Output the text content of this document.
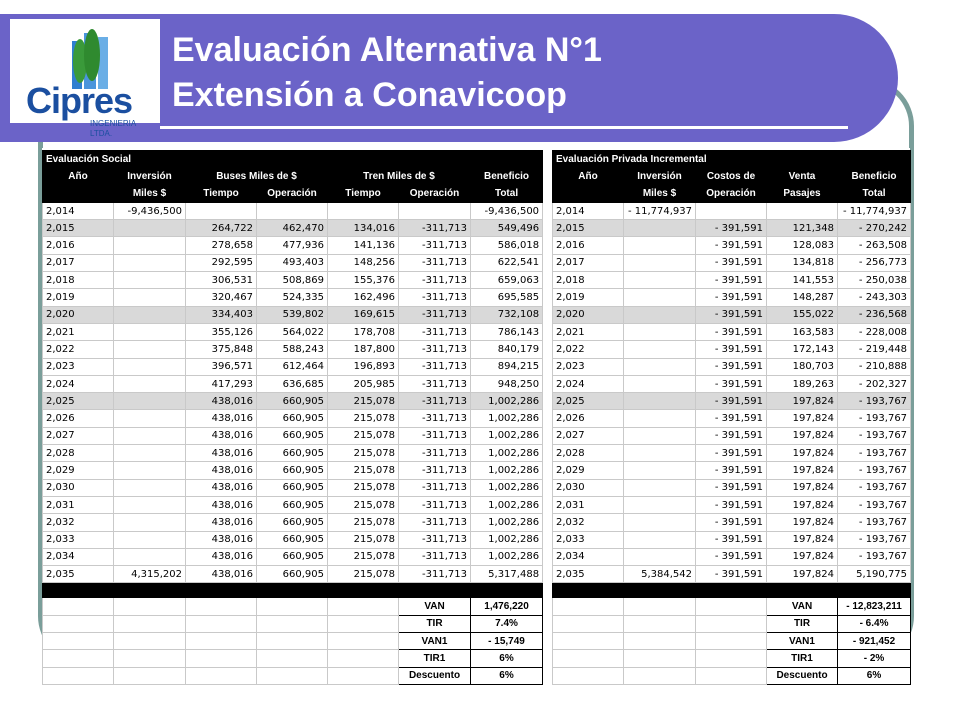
Cipres
INGENIERIA LTDA.
Evaluación Alternativa N°1
Extensión a Conavicoop
Evaluación Social						
Año	Inversión	Buses Miles de $		Tren Miles de $		Beneficio
	Miles $	Tiempo	Operación	Tiempo	Operación	Total
2,014	-9,436,500					-9,436,500
2,015		264,722	462,470	134,016	-311,713	549,496
2,016		278,658	477,936	141,136	-311,713	586,018
2,017		292,595	493,403	148,256	-311,713	622,541
2,018		306,531	508,869	155,376	-311,713	659,063
2,019		320,467	524,335	162,496	-311,713	695,585
2,020		334,403	539,802	169,615	-311,713	732,108
2,021		355,126	564,022	178,708	-311,713	786,143
2,022		375,848	588,243	187,800	-311,713	840,179
2,023		396,571	612,464	196,893	-311,713	894,215
2,024		417,293	636,685	205,985	-311,713	948,250
2,025		438,016	660,905	215,078	-311,713	1,002,286
2,026		438,016	660,905	215,078	-311,713	1,002,286
2,027		438,016	660,905	215,078	-311,713	1,002,286
2,028		438,016	660,905	215,078	-311,713	1,002,286
2,029		438,016	660,905	215,078	-311,713	1,002,286
2,030		438,016	660,905	215,078	-311,713	1,002,286
2,031		438,016	660,905	215,078	-311,713	1,002,286
2,032		438,016	660,905	215,078	-311,713	1,002,286
2,033		438,016	660,905	215,078	-311,713	1,002,286
2,034		438,016	660,905	215,078	-311,713	1,002,286
2,035	4,315,202	438,016	660,905	215,078	-311,713	5,317,488

					VAN	1,476,220
					TIR	7.4%
					VAN1	- 15,749
					TIR1	6%
					Descuento	6%
Evaluación Privada Incremental				
Año	Inversión	Costos de	Venta	Beneficio
	Miles $	Operación	Pasajes	Total
2,014	- 11,774,937			- 11,774,937
2,015		- 391,591	121,348	- 270,242
2,016		- 391,591	128,083	- 263,508
2,017		- 391,591	134,818	- 256,773
2,018		- 391,591	141,553	- 250,038
2,019		- 391,591	148,287	- 243,303
2,020		- 391,591	155,022	- 236,568
2,021		- 391,591	163,583	- 228,008
2,022		- 391,591	172,143	- 219,448
2,023		- 391,591	180,703	- 210,888
2,024		- 391,591	189,263	- 202,327
2,025		- 391,591	197,824	- 193,767
2,026		- 391,591	197,824	- 193,767
2,027		- 391,591	197,824	- 193,767
2,028		- 391,591	197,824	- 193,767
2,029		- 391,591	197,824	- 193,767
2,030		- 391,591	197,824	- 193,767
2,031		- 391,591	197,824	- 193,767
2,032		- 391,591	197,824	- 193,767
2,033		- 391,591	197,824	- 193,767
2,034		- 391,591	197,824	- 193,767
2,035	5,384,542	- 391,591	197,824	5,190,775

			VAN	- 12,823,211
			TIR	- 6.4%
			VAN1	- 921,452
			TIR1	- 2%
			Descuento	6%
